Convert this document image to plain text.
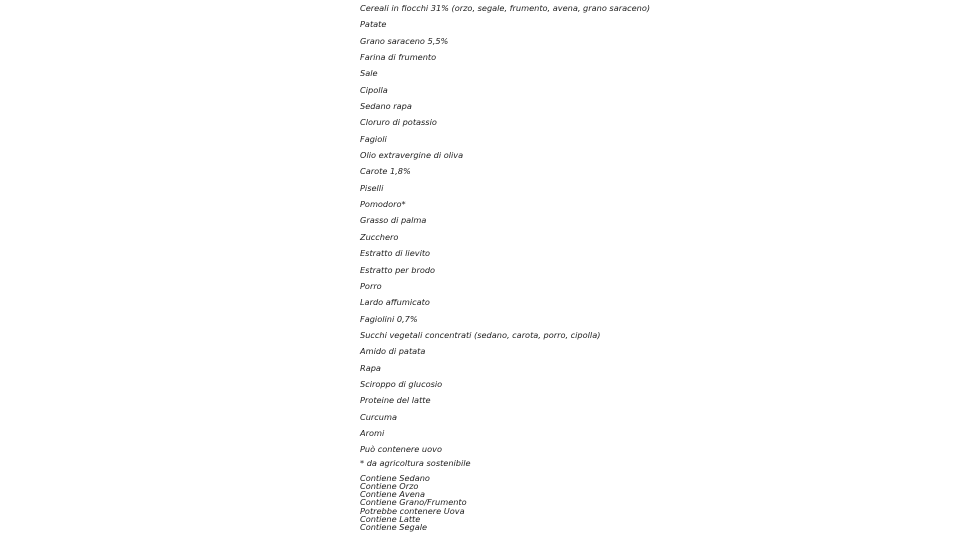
Cereali in fiocchi 31% (orzo, segale, frumento, avena, grano saraceno)
Patate
Grano saraceno 5,5%
Farina di frumento
Sale
Cipolla
Sedano rapa
Cloruro di potassio
Fagioli
Olio extravergine di oliva
Carote 1,8%
Piselli
Pomodoro*
Grasso di palma
Zucchero
Estratto di lievito
Estratto per brodo
Porro
Lardo affumicato
Fagiolini 0,7%
Succhi vegetali concentrati (sedano, carota, porro, cipolla)
Amido di patata
Rapa
Sciroppo di glucosio
Proteine del latte
Curcuma
Aromi
Può contenere uovo
* da agricoltura sostenibile
Contiene Sedano
Contiene Orzo
Contiene Avena
Contiene Grano/Frumento
Potrebbe contenere Uova
Contiene Latte
Contiene Segale
